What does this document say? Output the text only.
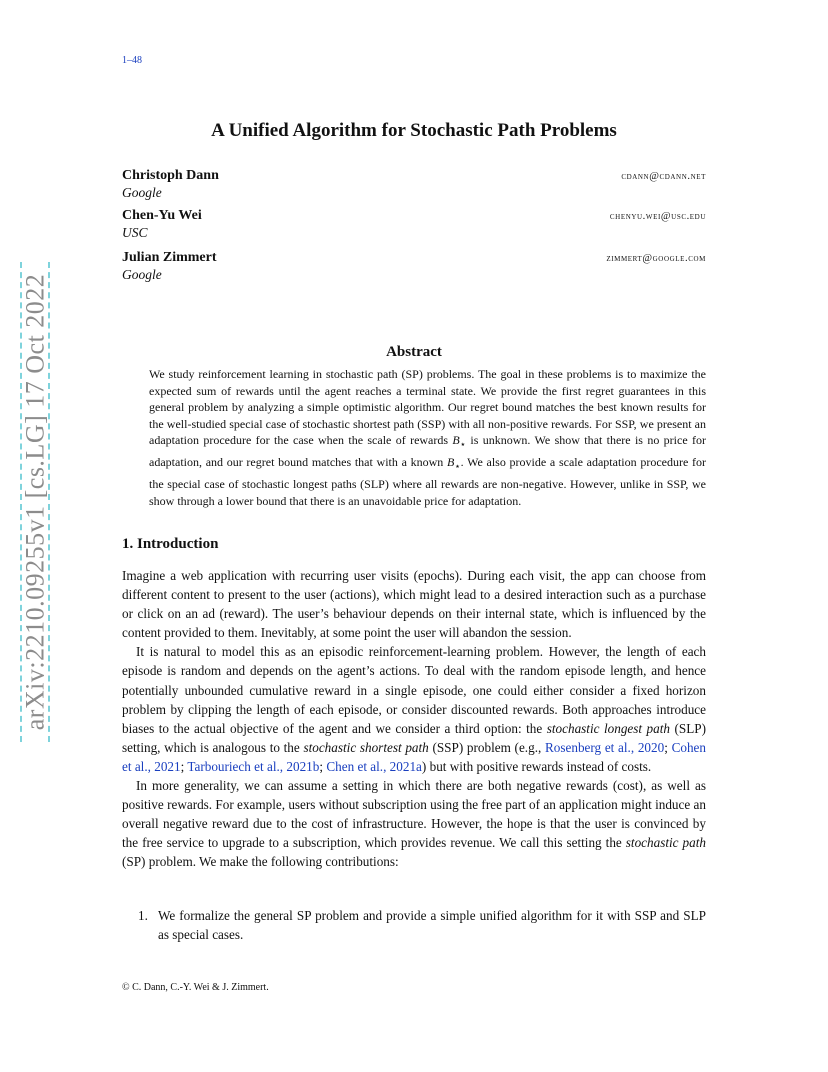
1–48
arXiv:2210.09255v1 [cs.LG] 17 Oct 2022
A Unified Algorithm for Stochastic Path Problems
Christoph Dann	cdann@cdann.net
Google
Chen-Yu Wei	chenyu.wei@usc.edu
USC
Julian Zimmert	zimmert@google.com
Google
Abstract
We study reinforcement learning in stochastic path (SP) problems. The goal in these problems is to maximize the expected sum of rewards until the agent reaches a terminal state. We provide the first regret guarantees in this general problem by analyzing a simple optimistic algorithm. Our regret bound matches the best known results for the well-studied special case of stochastic shortest path (SSP) with all non-positive rewards. For SSP, we present an adaptation procedure for the case when the scale of rewards $B_⋆$ is unknown. We show that there is no price for adaptation, and our regret bound matches that with a known $B_⋆$. We also provide a scale adaptation procedure for the special case of stochastic longest paths (SLP) where all rewards are non-negative. However, unlike in SSP, we show through a lower bound that there is an unavoidable price for adaptation.
1. Introduction

Imagine a web application with recurring user visits (epochs). During each visit, the app can choose from different content to present to the user (actions), which might lead to a desired interaction such as a purchase or click on an ad (reward). The user’s behaviour depends on their internal state, which is influenced by the content provided to them. Inevitably, at some point the user will abandon the session.

It is natural to model this as an episodic reinforcement-learning problem. However, the length of each episode is random and depends on the agent’s actions. To deal with the random episode length, and hence potentially unbounded cumulative reward in a single episode, one could either consider a fixed horizon problem by clipping the length of each episode, or consider discounted rewards. Both approaches introduce biases to the actual objective of the agent and we consider a third option: the stochastic longest path (SLP) setting, which is analogous to the stochastic shortest path (SSP) problem (e.g., Rosenberg et al., 2020; Cohen et al., 2021; Tarbouriech et al., 2021b; Chen et al., 2021a) but with positive rewards instead of costs.

In more generality, we can assume a setting in which there are both negative rewards (cost), as well as positive rewards. For example, users without subscription using the free part of an application might induce an overall negative reward due to the cost of infrastructure. However, the hope is that the user is convinced by the free service to upgrade to a subscription, which provides revenue. We call this setting the stochastic path (SP) problem. We make the following contributions:

1. We formalize the general SP problem and provide a simple unified algorithm for it with SSP and SLP as special cases.
© C. Dann, C.-Y. Wei & J. Zimmert.
